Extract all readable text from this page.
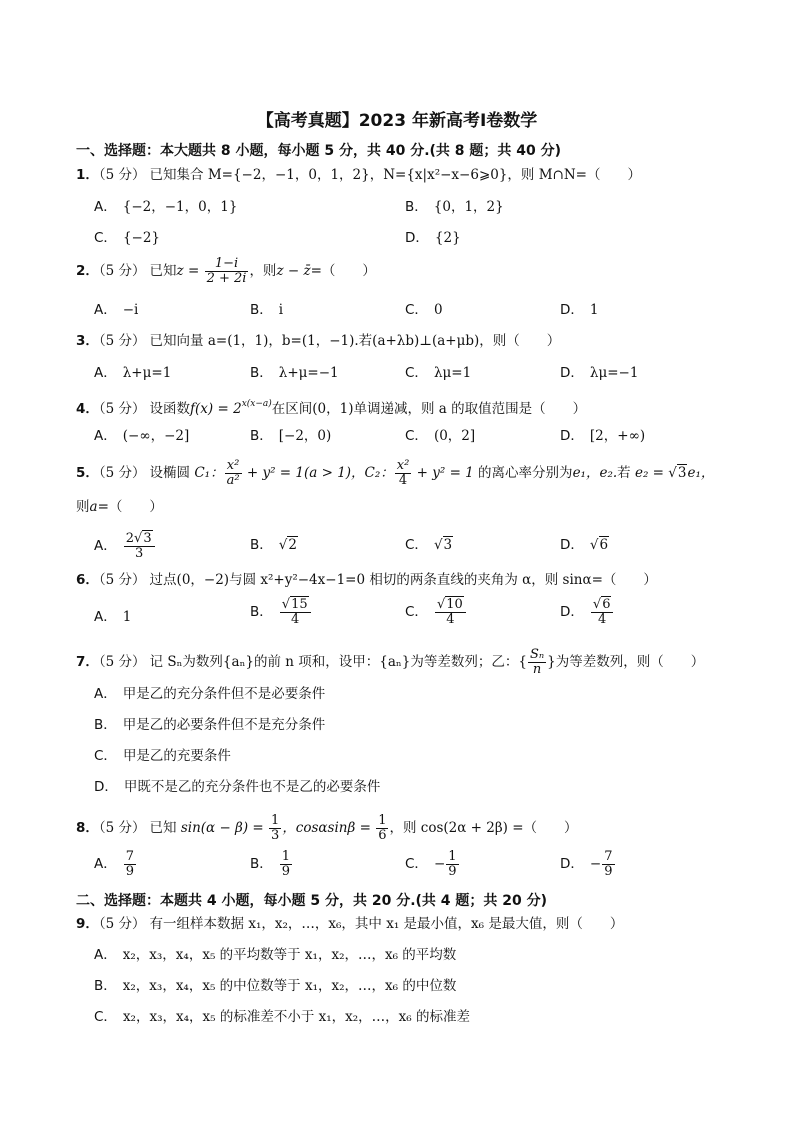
【高考真题】2023 年新高考Ⅰ卷数学
一、选择题：本大题共 8 小题，每小题 5 分，共 40 分.(共 8 题；共 40 分)
1．（5 分） 已知集合 M={−2，−1，0，1，2}，N={x|x²−x−6⩾0}，则 M∩N=（　　）
A． {−2，−1，0，1}	B． {0，1，2}
C． {−2}	D． {2}
2．（5 分） 已知$z = \frac{1-i}{2 + 2i}$ ，则z − z̄=（　　）
A． −i	B． i	C． 0	D． 1
3．（5 分） 已知向量 a=(1，1)，b=(1，−1).若(a+λb)⊥(a+μb)，则（　　）
A． λ+μ=1	B． λ+μ=−1	C． λμ=1	D． λμ=−1
4．（5 分） 设函数$f(x) = 2^{x(x-a)}$在区间(0，1)单调递减，则 a 的取值范围是（　　）
A． (−∞，−2]	B． [−2，0)	C． (0，2]	D． [2，+∞)
5．（5 分） 设椭圆 C₁： $\frac{\text{x²}}{\text{a²}} + y^2 = 1(a > 1)$，C₂： $\frac{\text{x²}}{4} + y^2 = 1$ 的离心率分别为e₁，e₂.若 e₂ = √3e₁，
则a=（　　）
A． $\frac{2√3}{3}$	B． √2	C． √3	D． √6
6．（5 分） 过点(0，−2)与圆 x²+y²−4x−1=0 相切的两条直线的夹角为 α，则 sinα=（　　）
A． 1	B． $\frac{√15}{4}$	C． $\frac{√10}{4}$	D． $\frac{√6}{4}$
7．（5 分） 记 Sₙ为数列{aₙ}的前 n 项和，设甲：{aₙ}为等差数列；乙：{ $\frac{\text{Sₙ}}{n}$ }为等差数列，则（　　）
A． 甲是乙的充分条件但不是必要条件
B． 甲是乙的必要条件但不是充分条件
C． 甲是乙的充要条件
D． 甲既不是乙的充分条件也不是乙的必要条件
8．（5 分） 已知 $\sin(\alpha - \beta) = \frac{1}{3}$ ，$\cos\alpha\sin\beta = \frac{1}{6}$ ，则 cos(2α + 2β) =（　　）
A． $\frac{7}{9}$	B． $\frac{1}{9}$	C． − $\frac{1}{9}$	D． − $\frac{7}{9}$
二、选择题：本题共 4 小题，每小题 5 分，共 20 分.(共 4 题；共 20 分)
9．（5 分） 有一组样本数据 x₁，x₂，…，x₆，其中 x₁ 是最小值，x₆ 是最大值，则（　　）
A． x₂，x₃，x₄，x₅ 的平均数等于 x₁，x₂，…，x₆ 的平均数
B． x₂，x₃，x₄，x₅ 的中位数等于 x₁，x₂，…，x₆ 的中位数
C． x₂，x₃，x₄，x₅ 的标准差不小于 x₁，x₂，…，x₆ 的标准差
